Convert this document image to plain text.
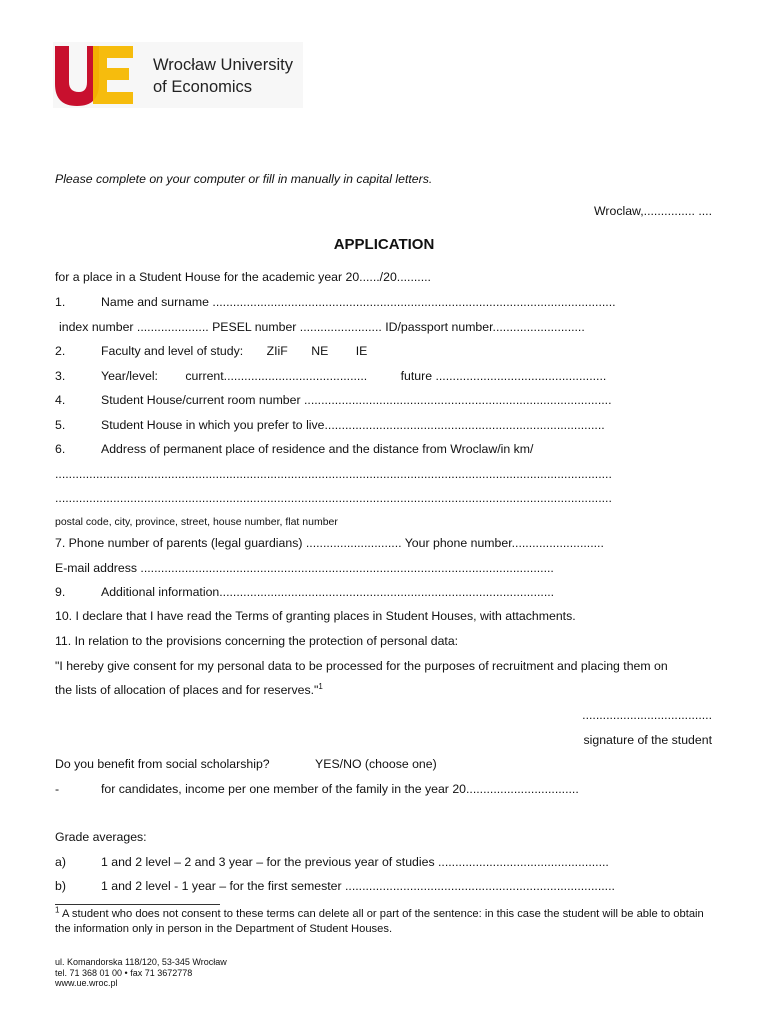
Wrocław University
of Economics
Please complete on your computer or fill in manually in capital letters.
Wroclaw,............... ....
APPLICATION
for a place in a Student House for the academic year 20....../20..........
1.	Name and surname ......................................................................................................................
index number ..................... PESEL number ........................ ID/passport number...........................
2.	Faculty and level of study: ZIiF NE IE
3.	Year/level: current..........................................	future ..................................................
4.	Student House/current room number ..........................................................................................
5.	Student House in which you prefer to live..................................................................................
6.	Address of permanent place of residence and the distance from Wroclaw/in km/
...................................................................................................................................................................
...................................................................................................................................................................
postal code, city, province, street, house number, flat number
7. Phone number of parents (legal guardians) ............................ Your phone number...........................
E-mail address .........................................................................................................................
9.	Additional information..................................................................................................
10. I declare that I have read the Terms of granting places in Student Houses, with attachments.
11. In relation to the provisions concerning the protection of personal data:
"I hereby give consent for my personal data to be processed for the purposes of recruitment and placing them on
the lists of allocation of places and for reserves."$^1$
......................................
signature of the student
Do you benefit from social scholarship?	YES/NO (choose one)
-	for candidates, income per one member of the family in the year 20.................................
Grade averages:
a)	1 and 2 level – 2 and 3 year – for the previous year of studies ..................................................
b)	1 and 2 level - 1 year – for the first semester ...............................................................................
$^1$ A student who does not consent to these terms can delete all or part of the sentence: in this case the student will be able to obtain the information only in person in the Department of Student Houses.
ul. Komandorska 118/120, 53-345 Wrocław
tel. 71 368 01 00 • fax 71 3672778
www.ue.wroc.pl
